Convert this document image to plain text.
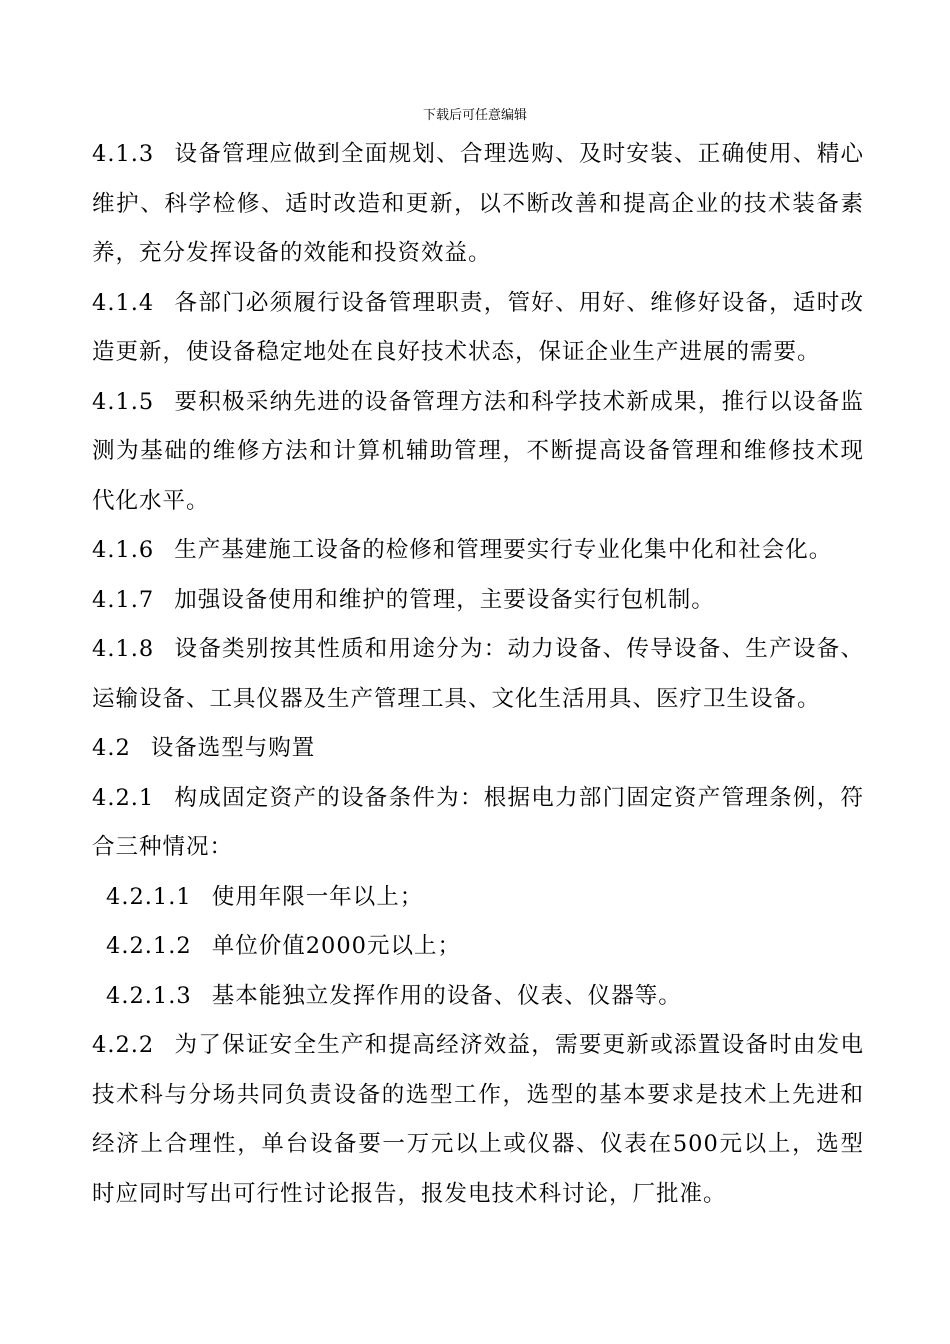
下载后可任意编辑

4.1.3 设备管理应做到全面规划、合理选购、及时安装、正确使用、精心维护、科学检修、适时改造和更新，以不断改善和提高企业的技术装备素养，充分发挥设备的效能和投资效益。

4.1.4 各部门必须履行设备管理职责，管好、用好、维修好设备，适时改造更新，使设备稳定地处在良好技术状态，保证企业生产进展的需要。

4.1.5 要积极采纳先进的设备管理方法和科学技术新成果，推行以设备监测为基础的维修方法和计算机辅助管理，不断提高设备管理和维修技术现代化水平。

4.1.6 生产基建施工设备的检修和管理要实行专业化集中化和社会化。

4.1.7 加强设备使用和维护的管理，主要设备实行包机制。

4.1.8 设备类别按其性质和用途分为：动力设备、传导设备、生产设备、运输设备、工具仪器及生产管理工具、文化生活用具、医疗卫生设备。

4.2 设备选型与购置

4.2.1 构成固定资产的设备条件为：根据电力部门固定资产管理条例，符合三种情况：

4.2.1.1 使用年限一年以上；

4.2.1.2 单位价值2000元以上；

4.2.1.3 基本能独立发挥作用的设备、仪表、仪器等。

4.2.2 为了保证安全生产和提高经济效益，需要更新或添置设备时由发电技术科与分场共同负责设备的选型工作，选型的基本要求是技术上先进和经济上合理性，单台设备要一万元以上或仪器、仪表在500元以上，选型时应同时写出可行性讨论报告，报发电技术科讨论，厂批准。
